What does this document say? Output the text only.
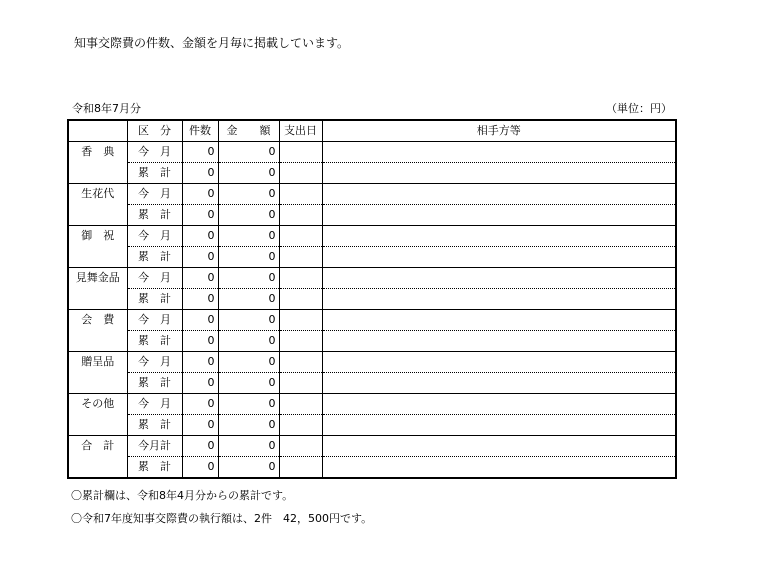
知事交際費の件数、金額を月毎に掲載しています。
令和8年7月分	（単位：円）
	区　分	件数	金　　額	支出日	相手方等
香　典	今　月	0	0		
	累　計	0	0		
生花代	今　月	0	0		
	累　計	0	0		
御　祝	今　月	0	0		
	累　計	0	0		
見舞金品	今　月	0	0		
	累　計	0	0		
会　費	今　月	0	0		
	累　計	0	0		
贈呈品	今　月	0	0		
	累　計	0	0		
その他	今　月	0	0		
	累　計	0	0		
合　計	今月計	0	0		
	累　計	0	0		
〇累計欄は、令和8年4月分からの累計です。
〇令和7年度知事交際費の執行額は、2件　42，500円です。
